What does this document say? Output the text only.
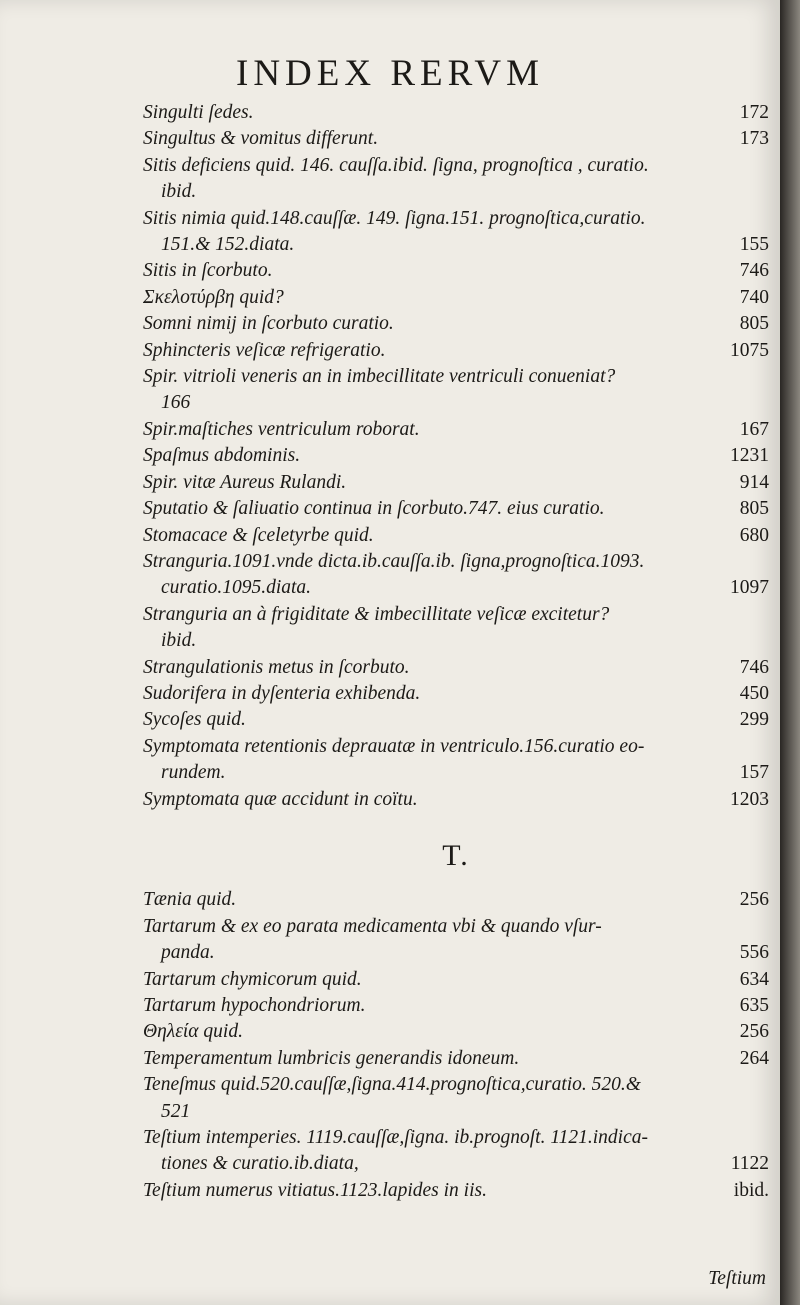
INDEX RERVM
Singulti ſedes.	172
Singultus & vomitus differunt.	173
Sitis deficiens quid. 146. cauſſa.ibid. ſigna, prognoſtica , curatio.
ibid.
Sitis nimia quid.148.cauſſæ. 149. ſigna.151. prognoſtica,curatio.
151.& 152.diata.	155
Sitis in ſcorbuto.	746
Σκελοτύρβη quid?	740
Somni nimij in ſcorbuto curatio.	805
Sphincteris veſicæ refrigeratio.	1075
Spir. vitrioli veneris an in imbecillitate ventriculi conueniat?
166
Spir.maſtiches ventriculum roborat.	167
Spaſmus abdominis.	1231
Spir. vitæ Aureus Rulandi.	914
Sputatio & ſaliuatio continua in ſcorbuto.747. eius curatio.	805
Stomacace & ſceletyrbe quid.	680
Stranguria.1091.vnde dicta.ib.cauſſa.ib. ſigna,prognoſtica.1093.
curatio.1095.diata.	1097
Stranguria an à frigiditate & imbecillitate veſicæ excitetur?
ibid.
Strangulationis metus in ſcorbuto.	746
Sudorifera in dyſenteria exhibenda.	450
Sycoſes quid.	299
Symptomata retentionis deprauatæ in ventriculo.156.curatio eo-
rundem.	157
Symptomata quæ accidunt in coïtu.	1203
T.
Tænia quid.	256
Tartarum & ex eo parata medicamenta vbi & quando vſur-
panda.	556
Tartarum chymicorum quid.	634
Tartarum hypochondriorum.	635
Θηλεία quid.	256
Temperamentum lumbricis generandis idoneum.	264
Teneſmus quid.520.cauſſæ,ſigna.414.prognoſtica,curatio. 520.&
521
Teſtium intemperies. 1119.cauſſæ,ſigna. ib.prognoſt. 1121.indica-
tiones & curatio.ib.diata,	1122
Teſtium numerus vitiatus.1123.lapides in iis.	ibid.
Teſtium
